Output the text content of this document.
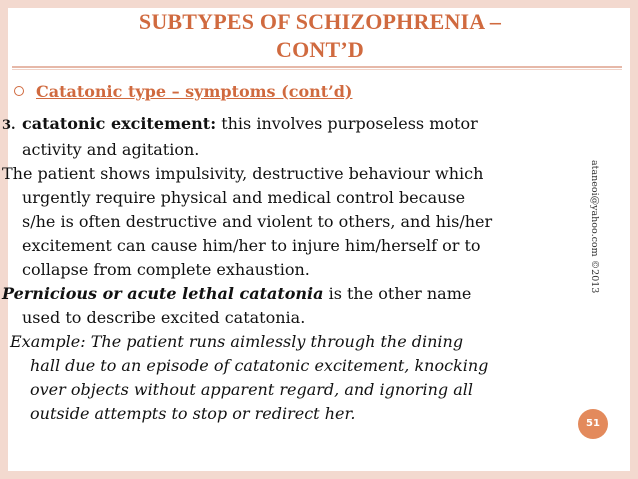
SUBTYPES OF SCHIZOPHRENIA –
CONT’D
Catatonic type – symptoms (cont’d)
3. catatonic excitement: this involves purposeless motor
activity and agitation.
The patient shows impulsivity, destructive behaviour which
urgently require physical and medical control because
s/he is often destructive and violent to others, and his/her
excitement can cause him/her to injure him/herself or to
collapse from complete exhaustion.
Pernicious or acute lethal catatonia is the other name
used to describe excited catatonia.
Example: The patient runs aimlessly through the dining
hall due to an episode of catatonic excitement, knocking
over objects without apparent regard, and ignoring all
outside attempts to stop or redirect her.
ataneoi@yahoo.com ©2013
51
